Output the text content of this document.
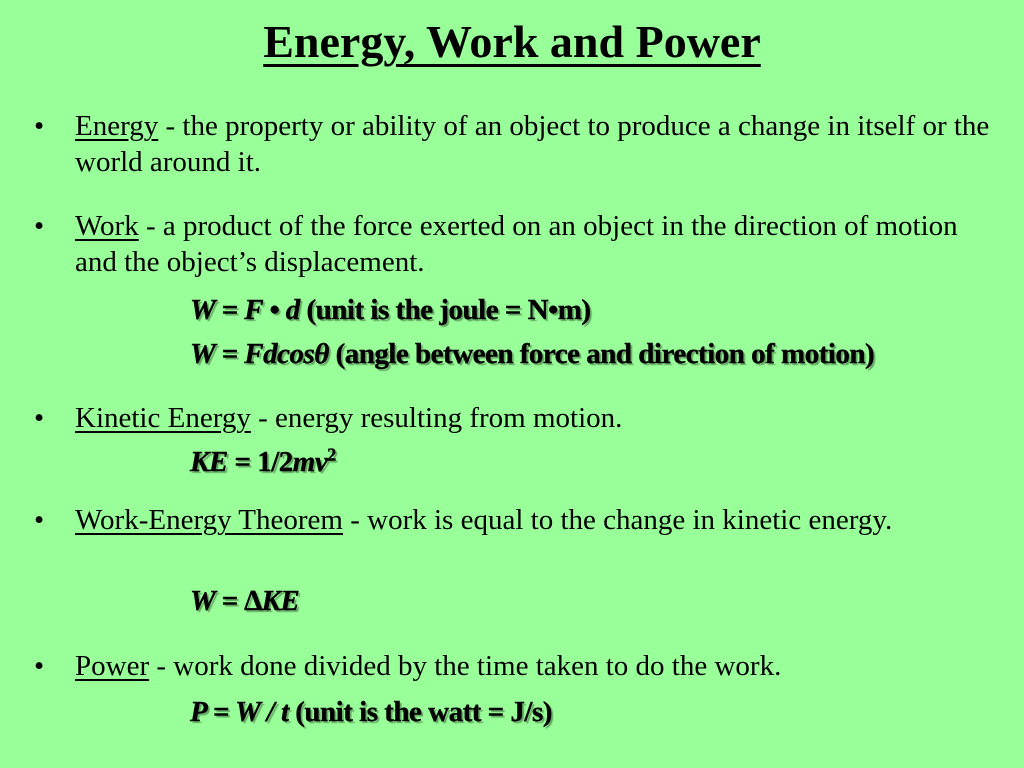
Energy, Work and Power
•	Energy - the property or ability of an object to produce a change in itself or the world around it.
•	Work - a product of the force exerted on an object in the direction of motion and the object’s displacement.
W = F • d (unit is the joule = N•m)
W = Fdcosθ (angle between force and direction of motion)
•	Kinetic Energy - energy resulting from motion.
KE = $1/2mv^2$
•	Work-Energy Theorem - work is equal to the change in kinetic energy.
W = ∆KE
•	Power - work done divided by the time taken to do the work.
P = W / t (unit is the watt = J/s)
